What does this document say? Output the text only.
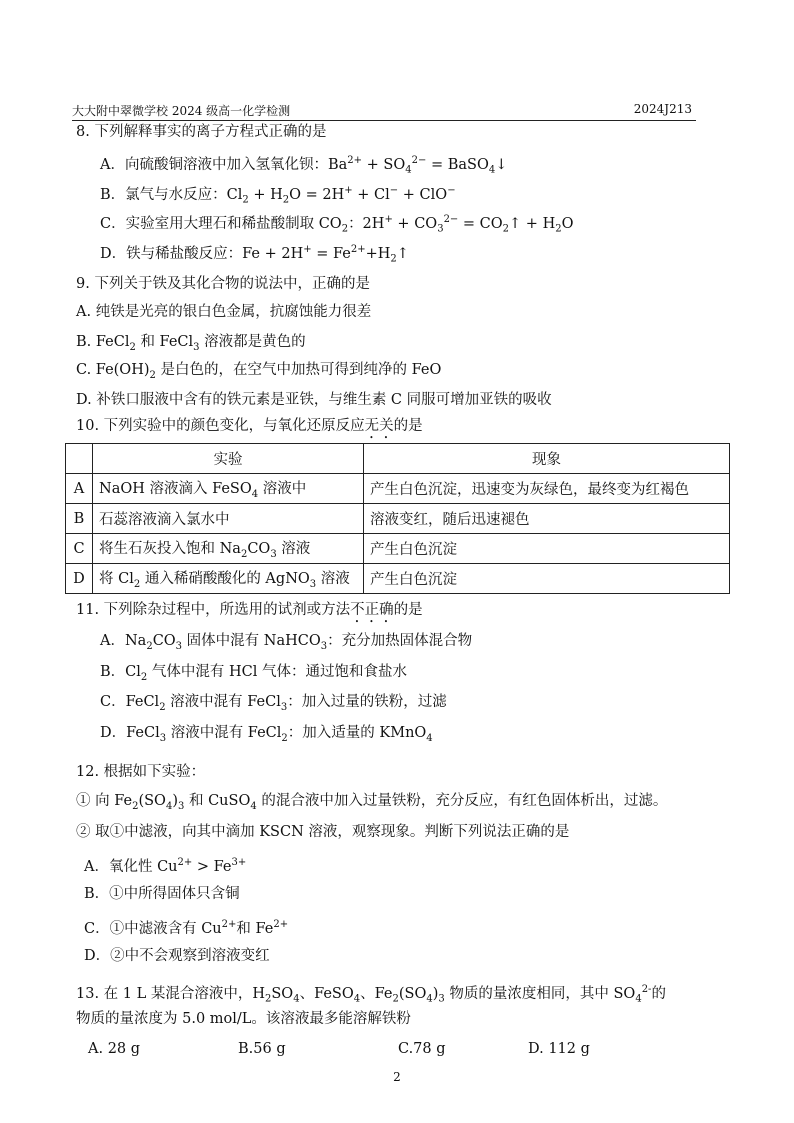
大大附中翠微学校 2024 级高一化学检测	2024J213
8. 下列解释事实的离子方程式正确的是
A．向硫酸铜溶液中加入氢氧化钡：$Ba^{2+} + SO_4^{2-}$ = BaSO$_4$↓
B．氯气与水反应：$Cl_2 + H_2O = 2H^+ + Cl^- + ClO^-$
C．实验室用大理石和稀盐酸制取 $CO_2$：$2H^+ + CO_3^{2-}$ = $CO_2↑ + H_2O$
D．铁与稀盐酸反应：$Fe + 2H^+ = Fe^{2+}+H_2↑$
9. 下列关于铁及其化合物的说法中，正确的是
A. 纯铁是光亮的银白色金属，抗腐蚀能力很差
B. FeCl$_2$ 和 FeCl$_3$ 溶液都是黄色的
C. $Fe(OH)_2$ 是白色的，在空气中加热可得到纯净的 FeO
D. 补铁口服液中含有的铁元素是亚铁，与维生素 C 同服可增加亚铁的吸收
10. 下列实验中的颜色变化，与氧化还原反应无关的是
	实验	现象
A	NaOH 溶液滴入 FeSO$_4$ 溶液中	产生白色沉淀，迅速变为灰绿色，最终变为红褐色
B	石蕊溶液滴入氯水中	溶液变红，随后迅速褪色
C	将生石灰投入饱和 $Na_2CO_3$ 溶液	产生白色沉淀
D	将 $Cl_2$ 通入稀硝酸酸化的 AgNO$_3$ 溶液	产生白色沉淀
11. 下列除杂过程中，所选用的试剂或方法不正确的是
A．$Na_2CO_3$ 固体中混有 NaHCO$_3$：充分加热固体混合物
B．$Cl_2$ 气体中混有 HCl 气体：通过饱和食盐水
C．FeCl$_2$ 溶液中混有 FeCl$_3$：加入过量的铁粉，过滤
D．FeCl$_3$ 溶液中混有 FeCl$_2$：加入适量的 KMnO$_4$
12. 根据如下实验：
① 向 $Fe_2(SO_4)_3$ 和 CuSO$_4$ 的混合液中加入过量铁粉，充分反应，有红色固体析出，过滤。
② 取①中滤液，向其中滴加 KSCN 溶液，观察现象。判断下列说法正确的是
A．氧化性 $Cu^{2+} > Fe^{3+}$
B．①中所得固体只含铜
C．①中滤液含有 $Cu^{2+}$和 $Fe^{2+}$
D．②中不会观察到溶液变红
13. 在 1 L 某混合溶液中，$H_2SO_4$、FeSO$_4$、$Fe_2(SO_4)_3$ 物质的量浓度相同，其中 $SO_4^{2-}$的
物质的量浓度为 5.0 mol/L。该溶液最多能溶解铁粉
A. 28 g	B.56 g	C.78 g	D. 112 g
2
